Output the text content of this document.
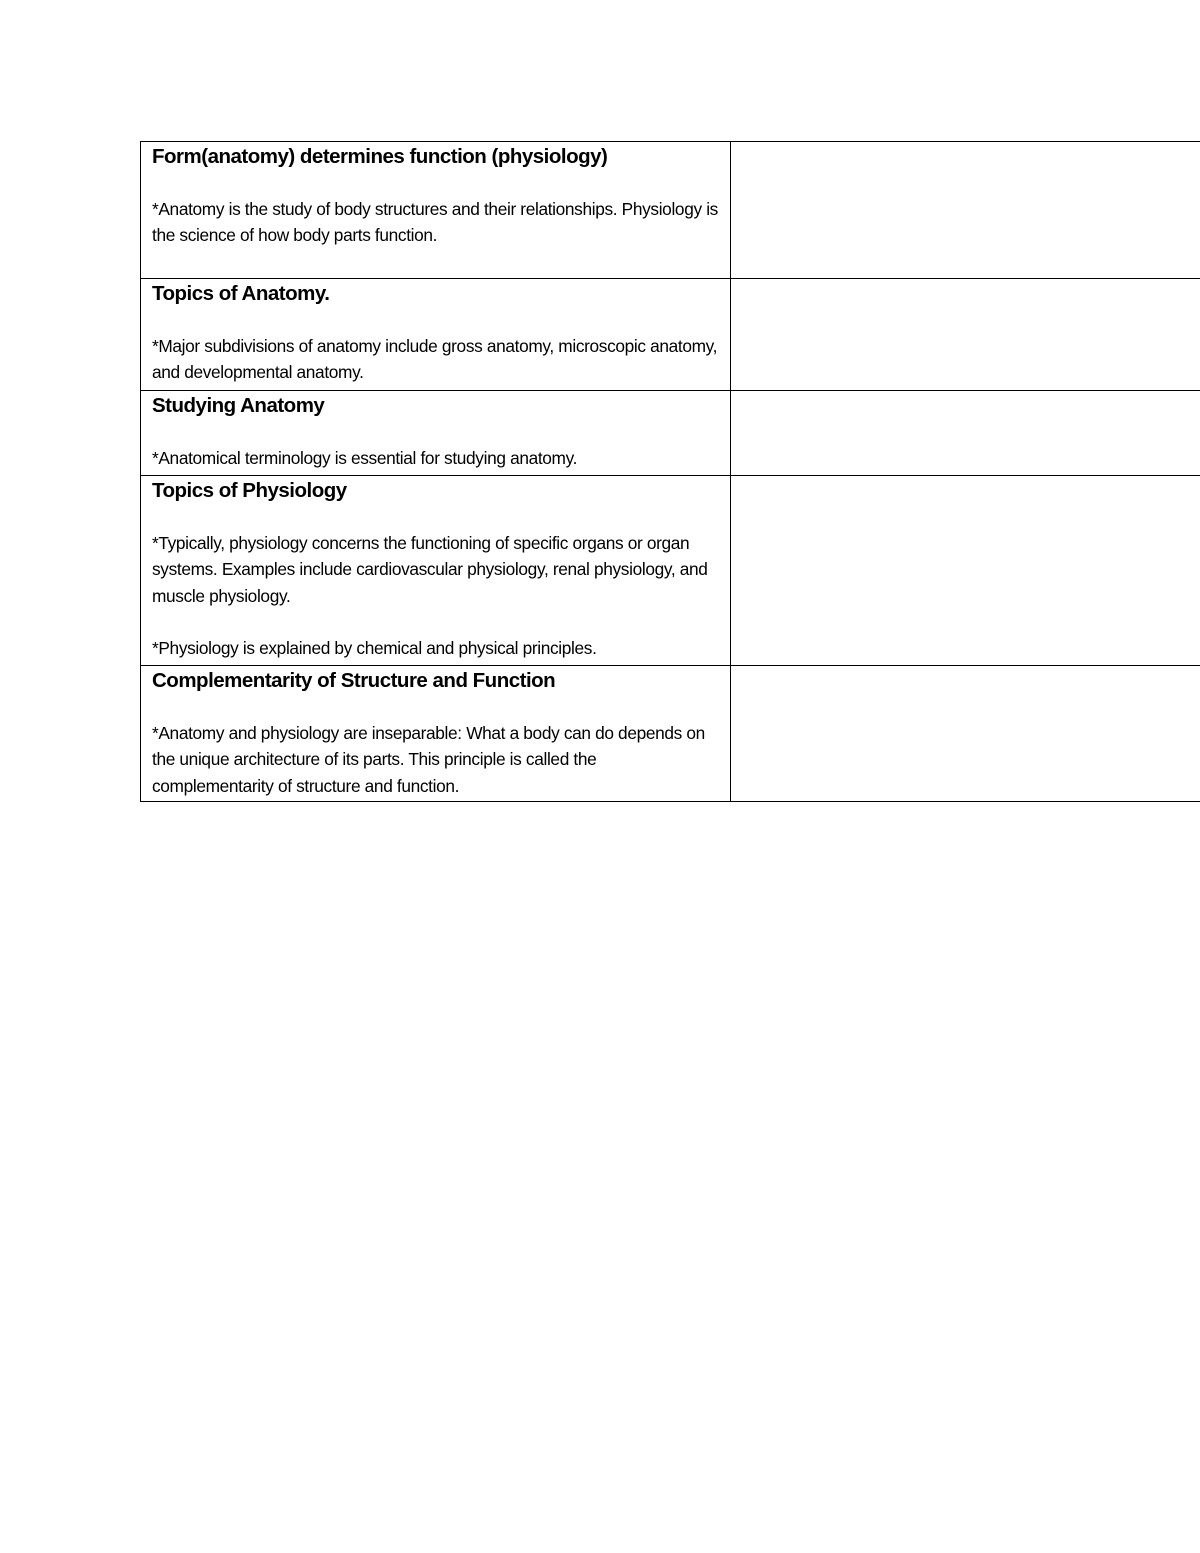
Form(anatomy) determines function (physiology)

*Anatomy is the study of body structures and their relationships. Physiology is the science of how body parts function.	

Topics of Anatomy.

*Major subdivisions of anatomy include gross anatomy, microscopic anatomy, and developmental anatomy.	

Studying Anatomy

*Anatomical terminology is essential for studying anatomy.	

Topics of Physiology

*Typically, physiology concerns the functioning of specific organs or organ systems. Examples include cardiovascular physiology, renal physiology, and muscle physiology.

*Physiology is explained by chemical and physical principles.	

Complementarity of Structure and Function

*Anatomy and physiology are inseparable: What a body can do depends on the unique architecture of its parts. This principle is called the complementarity of structure and function.	
